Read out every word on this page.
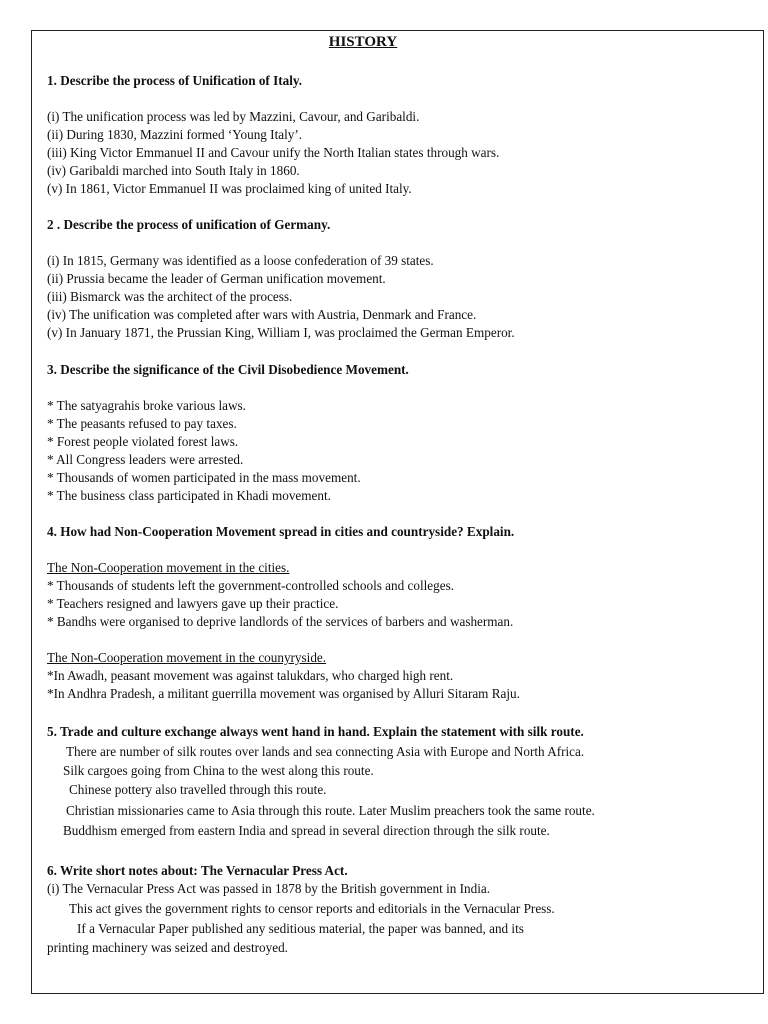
HISTORY
1. Describe the process of Unification of Italy.
(i) The unification process was led by Mazzini, Cavour, and Garibaldi.
(ii) During 1830, Mazzini formed ‘Young Italy’.
(iii) King Victor Emmanuel II and Cavour unify the North Italian states through wars.
(iv) Garibaldi marched into South Italy in 1860.
(v) In 1861, Victor Emmanuel II was proclaimed king of united Italy.
2 . Describe the process of unification of Germany.
(i) In 1815, Germany was identified as a loose confederation of 39 states.
(ii) Prussia became the leader of German unification movement.
(iii) Bismarck was the architect of the process.
(iv) The unification was completed after wars with Austria, Denmark and France.
(v) In January 1871, the Prussian King, William I, was proclaimed the German Emperor.
3. Describe the significance of the Civil Disobedience Movement.
* The satyagrahis broke various laws.
* The peasants refused to pay taxes.
* Forest people violated forest laws.
* All Congress leaders were arrested.
* Thousands of women participated in the mass movement.
* The business class participated in Khadi movement.
4. How had Non-Cooperation Movement spread in cities and countryside? Explain.
The Non-Cooperation movement in the cities.
* Thousands of students left the government-controlled schools and colleges.
* Teachers resigned and lawyers gave up their practice.
* Bandhs were organised to deprive landlords of the services of barbers and washerman.
The Non-Cooperation movement in the counyryside.
*In Awadh, peasant movement was against talukdars, who charged high rent.
*In Andhra Pradesh, a militant guerrilla movement was organised by Alluri Sitaram Raju.
5. Trade and culture exchange always went hand in hand. Explain the statement with silk route.
There are number of silk routes over lands and sea connecting Asia with Europe and North Africa.
Silk cargoes going from China to the west along this route.
Chinese pottery also travelled through this route.
Christian missionaries came to Asia through this route. Later Muslim preachers took the same route.
Buddhism emerged from eastern India and spread in several direction through the silk route.
6. Write short notes about: The Vernacular Press Act.
(i) The Vernacular Press Act was passed in 1878 by the British government in India.
This act gives the government rights to censor reports and editorials in the Vernacular Press.
If a Vernacular Paper published any seditious material, the paper was banned, and its
printing machinery was seized and destroyed.
